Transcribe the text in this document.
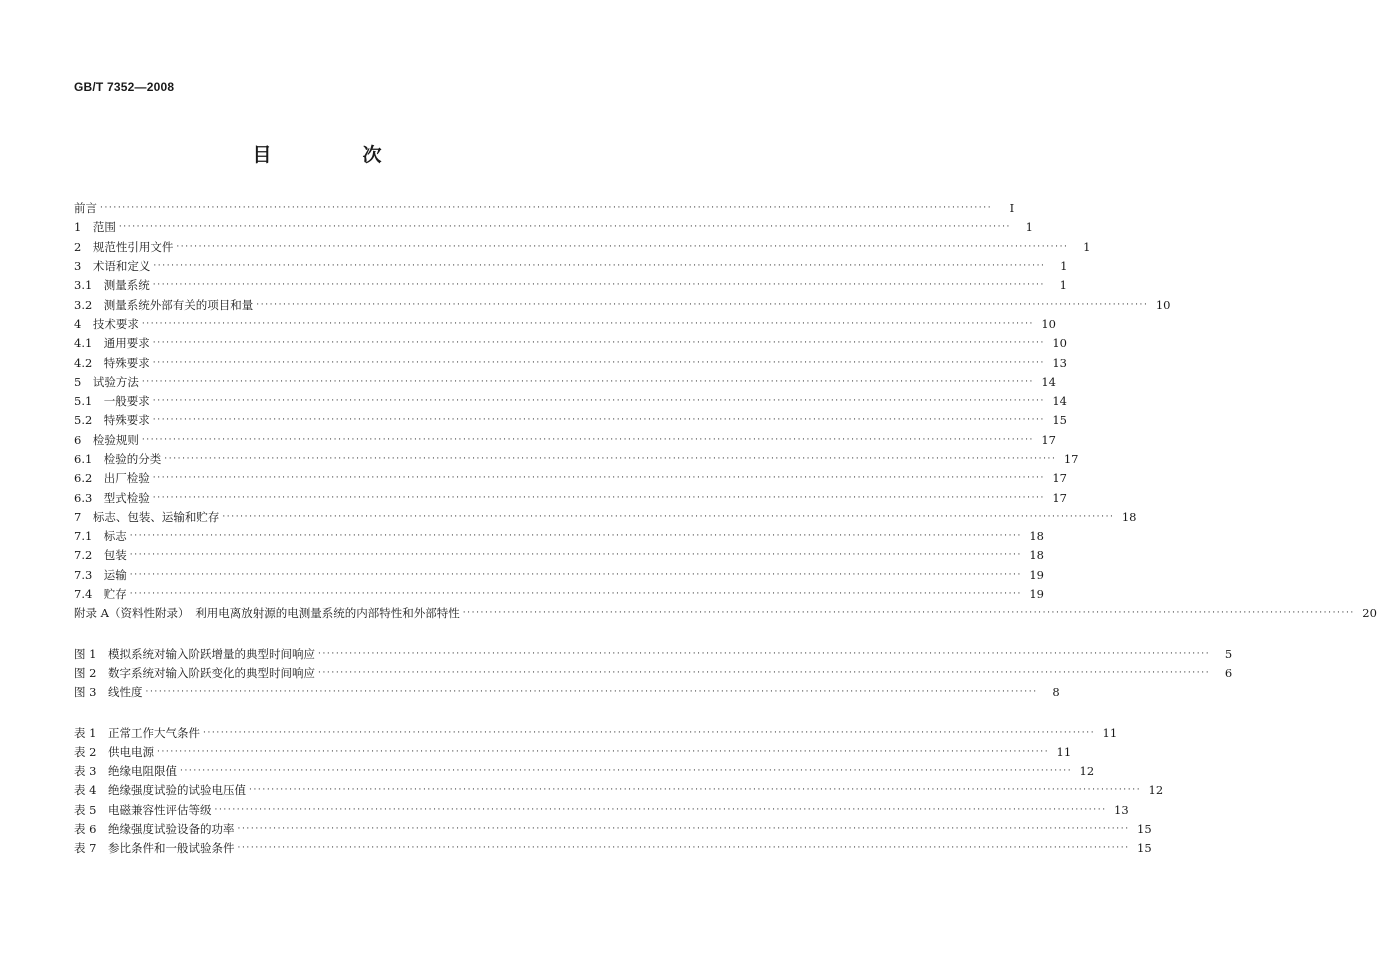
GB/T 7352—2008
目　次
前言 ········································································································································································································	Ⅰ
1　范围 ········································································································································································································	1
2　规范性引用文件 ········································································································································································································	1
3　术语和定义 ········································································································································································································	1
3.1　测量系统 ········································································································································································································	1
3.2　测量系统外部有关的项目和量 ········································································································································································································ 10
4　技术要求 ········································································································································································································ 10
4.1　通用要求 ········································································································································································································ 10
4.2　特殊要求 ········································································································································································································ 13
5　试验方法 ········································································································································································································ 14
5.1　一般要求 ········································································································································································································ 14
5.2　特殊要求 ········································································································································································································ 15
6　检验规则 ········································································································································································································ 17
6.1　检验的分类 ········································································································································································································ 17
6.2　出厂检验 ········································································································································································································ 17
6.3　型式检验 ········································································································································································································ 17
7　标志、包装、运输和贮存 ········································································································································································································ 18
7.1　标志 ········································································································································································································ 18
7.2　包装 ········································································································································································································ 18
7.3　运输 ········································································································································································································ 19
7.4　贮存 ········································································································································································································ 19
附录 A（资料性附录）　利用电离放射源的电测量系统的内部特性和外部特性 ········································································································································································································ 20
图 1　模拟系统对输入阶跃增量的典型时间响应 ········································································································································································································	5
图 2　数字系统对输入阶跃变化的典型时间响应 ········································································································································································································	6
图 3　线性度 ········································································································································································································	8
表 1　正常工作大气条件 ········································································································································································································ 11
表 2　供电电源 ········································································································································································································ 11
表 3　绝缘电阻限值 ········································································································································································································ 12
表 4　绝缘强度试验的试验电压值 ········································································································································································································ 12
表 5　电磁兼容性评估等级 ········································································································································································································ 13
表 6　绝缘强度试验设备的功率 ········································································································································································································ 15
表 7　参比条件和一般试验条件 ········································································································································································································ 15
